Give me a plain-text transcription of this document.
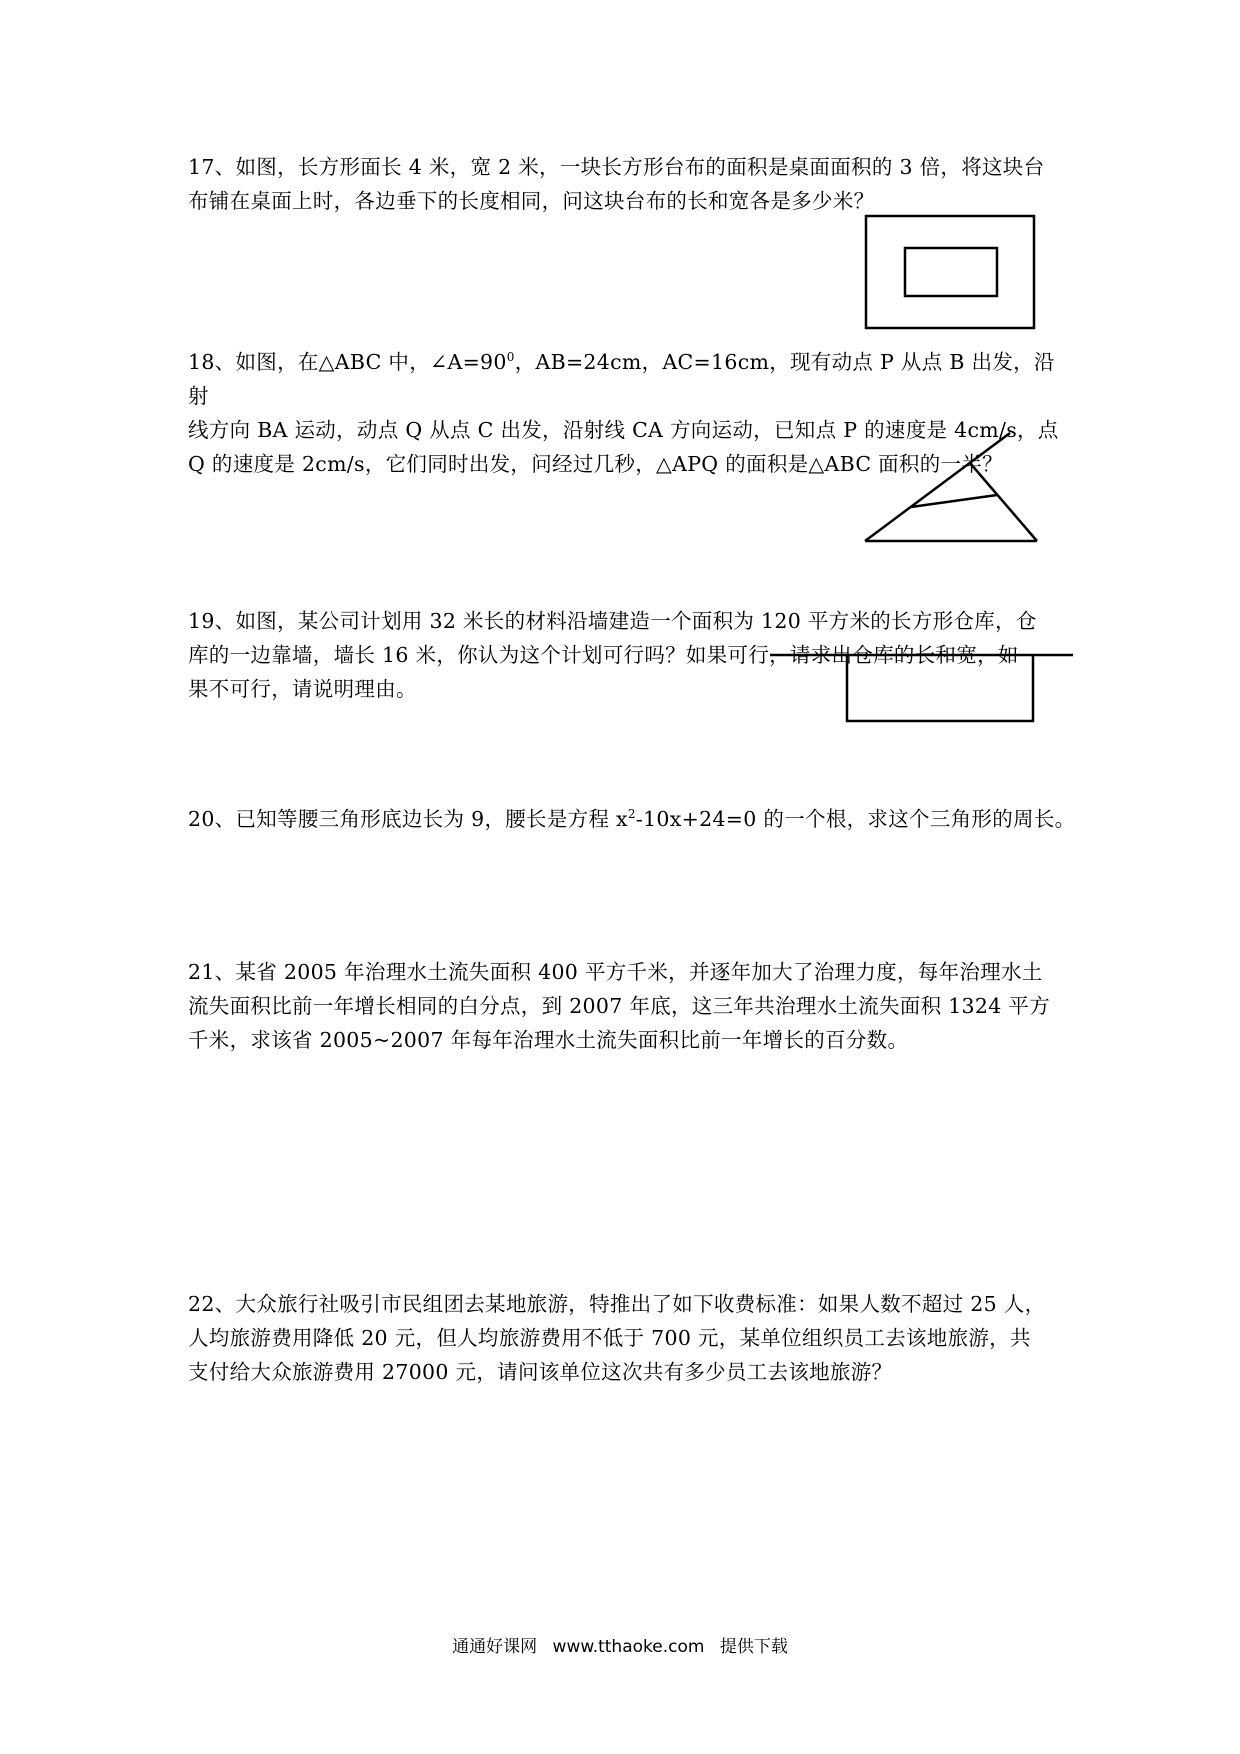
17、如图，长方形面长 4 米，宽 2 米，一块长方形台布的面积是桌面面积的 3 倍，将这块台
布铺在桌面上时，各边垂下的长度相同，问这块台布的长和宽各是多少米？

18、如图，在△ABC 中，$\angle A=90^0$，AB=24cm，AC=16cm，现有动点 P 从点 B 出发，沿射
线方向 BA 运动，动点 Q 从点 C 出发，沿射线 CA 方向运动，已知点 P 的速度是 4cm/s，点
Q 的速度是 2cm/s，它们同时出发，问经过几秒，△APQ 的面积是△ABC 面积的一半？

19、如图，某公司计划用 32 米长的材料沿墙建造一个面积为 120 平方米的长方形仓库，仓
库的一边靠墙，墙长 16 米，你认为这个计划可行吗？如果可行，请求出仓库的长和宽，如
果不可行，请说明理由。

20、已知等腰三角形底边长为 9，腰长是方程 $x^2-10x+24=0$ 的一个根，求这个三角形的周长。

21、某省 2005 年治理水土流失面积 400 平方千米，并逐年加大了治理力度，每年治理水土
流失面积比前一年增长相同的白分点，到 2007 年底，这三年共治理水土流失面积 1324 平方
千米，求该省 2005~2007 年每年治理水土流失面积比前一年增长的百分数。

22、大众旅行社吸引市民组团去某地旅游，特推出了如下收费标准：如果人数不超过 25 人，
人均旅游费用降低 20 元，但人均旅游费用不低于 700 元，某单位组织员工去该地旅游，共
支付给大众旅游费用 27000 元，请问该单位这次共有多少员工去该地旅游？

通通好课网 www.tthaoke.com 提供下载
